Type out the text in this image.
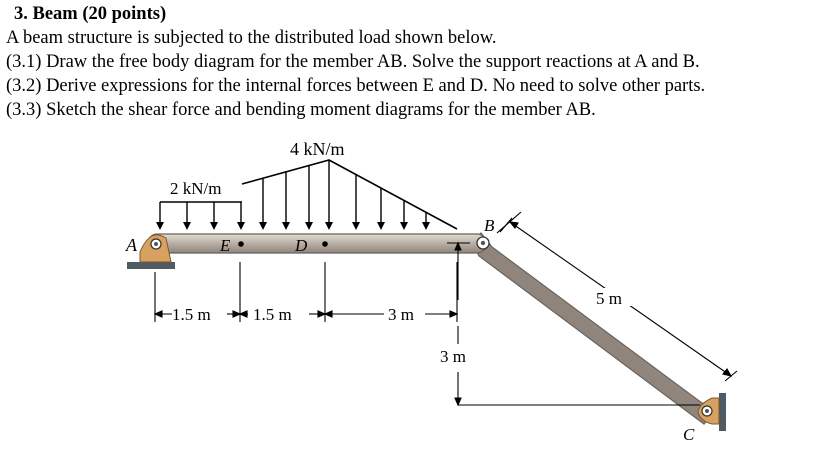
3. Beam (20 points)
A beam structure is subjected to the distributed load shown below.
(3.1) Draw the free body diagram for the member AB. Solve the support reactions at A and B.
(3.2) Derive expressions for the internal forces between E and D. No need to solve other parts.
(3.3) Sketch the shear force and bending moment diagrams for the member AB.
4 kN/m
2 kN/m
A	E	D
B
C
1.5 m 1.5 m	3 m
3 m
5 m
